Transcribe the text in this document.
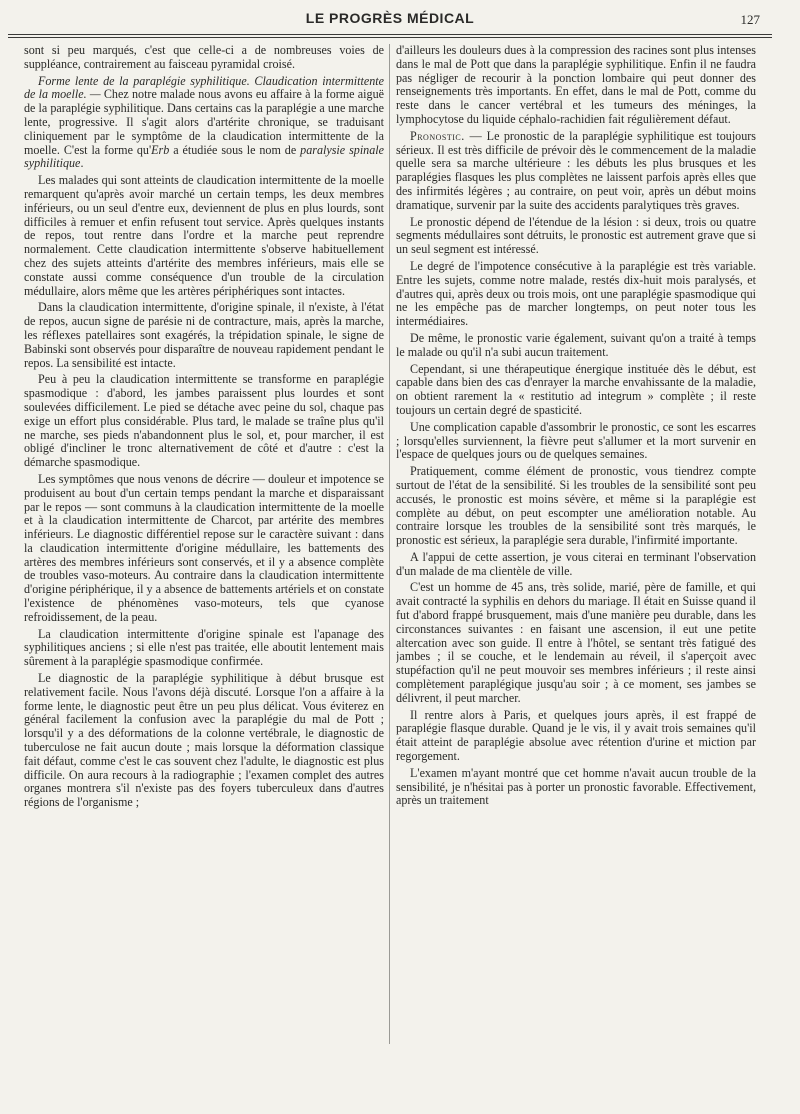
LE PROGRÈS MÉDICAL	127

sont si peu marqués, c'est que celle-ci a de nombreuses voies de suppléance, contrairement au faisceau pyramidal croisé.

Forme lente de la paraplégie syphilitique. Claudication intermittente de la moelle. — Chez notre malade nous avons eu affaire à la forme aiguë de la paraplégie syphilitique. Dans certains cas la paraplégie a une marche lente, progressive. Il s'agit alors d'artérite chronique, se traduisant cliniquement par le symptôme de la claudication intermittente de la moelle. C'est la forme qu'Erb a étudiée sous le nom de paralysie spinale syphilitique.

Les malades qui sont atteints de claudication intermittente de la moelle remarquent qu'après avoir marché un certain temps, les deux membres inférieurs, ou un seul d'entre eux, deviennent de plus en plus lourds, sont difficiles à remuer et enfin refusent tout service. Après quelques instants de repos, tout rentre dans l'ordre et la marche peut reprendre normalement. Cette claudication intermittente s'observe habituellement chez des sujets atteints d'artérite des membres inférieurs, mais elle se constate aussi comme conséquence d'un trouble de la circulation médullaire, alors même que les artères périphériques sont intactes.

Dans la claudication intermittente, d'origine spinale, il n'existe, à l'état de repos, aucun signe de parésie ni de contracture, mais, après la marche, les réflexes patellaires sont exagérés, la trépidation spinale, le signe de Babinski sont observés pour disparaître de nouveau rapidement pendant le repos. La sensibilité est intacte.

Peu à peu la claudication intermittente se transforme en paraplégie spasmodique : d'abord, les jambes paraissent plus lourdes et sont soulevées difficilement. Le pied se détache avec peine du sol, chaque pas exige un effort plus considérable. Plus tard, le malade se traîne plus qu'il ne marche, ses pieds n'abandonnent plus le sol, et, pour marcher, il est obligé d'incliner le tronc alternativement de côté et d'autre : c'est la démarche spasmodique.

Les symptômes que nous venons de décrire — douleur et impotence se produisent au bout d'un certain temps pendant la marche et disparaissant par le repos — sont communs à la claudication intermittente de la moelle et à la claudication intermittente de Charcot, par artérite des membres inférieurs. Le diagnostic différentiel repose sur le caractère suivant : dans la claudication intermittente d'origine médullaire, les battements des artères des membres inférieurs sont conservés, et il y a absence complète de troubles vaso-moteurs. Au contraire dans la claudication intermittente d'origine périphérique, il y a absence de battements artériels et on constate l'existence de phénomènes vaso-moteurs, tels que cyanose refroidissement, de la peau.

La claudication intermittente d'origine spinale est l'apanage des syphilitiques anciens ; si elle n'est pas traitée, elle aboutit lentement mais sûrement à la paraplégie spasmodique confirmée.

Le diagnostic de la paraplégie syphilitique à début brusque est relativement facile. Nous l'avons déjà discuté. Lorsque l'on a affaire à la forme lente, le diagnostic peut être un peu plus délicat. Vous éviterez en général facilement la confusion avec la paraplégie du mal de Pott ; lorsqu'il y a des déformations de la colonne vertébrale, le diagnostic de tuberculose ne fait aucun doute ; mais lorsque la déformation classique fait défaut, comme c'est le cas souvent chez l'adulte, le diagnostic est plus difficile. On aura recours à la radiographie ; l'examen complet des autres organes montrera s'il n'existe pas des foyers tuberculeux dans d'autres régions de l'organisme ;

d'ailleurs les douleurs dues à la compression des racines sont plus intenses dans le mal de Pott que dans la paraplégie syphilitique. Enfin il ne faudra pas négliger de recourir à la ponction lombaire qui peut donner des renseignements très importants. En effet, dans le mal de Pott, comme du reste dans le cancer vertébral et les tumeurs des méninges, la lymphocytose du liquide céphalo-rachidien fait régulièrement défaut.

Pronostic. — Le pronostic de la paraplégie syphilitique est toujours sérieux. Il est très difficile de prévoir dès le commencement de la maladie quelle sera sa marche ultérieure : les débuts les plus brusques et les paraplégies flasques les plus complètes ne laissent parfois après elles que des infirmités légères ; au contraire, on peut voir, après un début moins dramatique, survenir par la suite des accidents paralytiques très graves.

Le pronostic dépend de l'étendue de la lésion : si deux, trois ou quatre segments médullaires sont détruits, le pronostic est autrement grave que si un seul segment est intéressé.

Le degré de l'impotence consécutive à la paraplégie est très variable. Entre les sujets, comme notre malade, restés dix-huit mois paralysés, et d'autres qui, après deux ou trois mois, ont une paraplégie spasmodique qui ne les empêche pas de marcher longtemps, on peut noter tous les intermédiaires.

De même, le pronostic varie également, suivant qu'on a traité à temps le malade ou qu'il n'a subi aucun traitement.

Cependant, si une thérapeutique énergique instituée dès le début, est capable dans bien des cas d'enrayer la marche envahissante de la maladie, on obtient rarement la « restitutio ad integrum » complète ; il reste toujours un certain degré de spasticité.

Une complication capable d'assombrir le pronostic, ce sont les escarres ; lorsqu'elles surviennent, la fièvre peut s'allumer et la mort survenir en l'espace de quelques jours ou de quelques semaines.

Pratiquement, comme élément de pronostic, vous tiendrez compte surtout de l'état de la sensibilité. Si les troubles de la sensibilité sont peu accusés, le pronostic est moins sévère, et même si la paraplégie est complète au début, on peut escompter une amélioration notable. Au contraire lorsque les troubles de la sensibilité sont très marqués, le pronostic est sérieux, la paraplégie sera durable, l'infirmité importante.

A l'appui de cette assertion, je vous citerai en terminant l'observation d'un malade de ma clientèle de ville.

C'est un homme de 45 ans, très solide, marié, père de famille, et qui avait contracté la syphilis en dehors du mariage. Il était en Suisse quand il fut d'abord frappé brusquement, mais d'une manière peu durable, dans les circonstances suivantes : en faisant une ascension, il eut une petite altercation avec son guide. Il entre à l'hôtel, se sentant très fatigué des jambes ; il se couche, et le lendemain au réveil, il s'aperçoit avec stupéfaction qu'il ne peut mouvoir ses membres inférieurs ; il reste ainsi complètement paraplégique jusqu'au soir ; à ce moment, ses jambes se délivrent, il peut marcher.

Il rentre alors à Paris, et quelques jours après, il est frappé de paraplégie flasque durable. Quand je le vis, il y avait trois semaines qu'il était atteint de paraplégie absolue avec rétention d'urine et miction par regorgement.

L'examen m'ayant montré que cet homme n'avait aucun trouble de la sensibilité, je n'hésitai pas à porter un pronostic favorable. Effectivement, après un traitement
